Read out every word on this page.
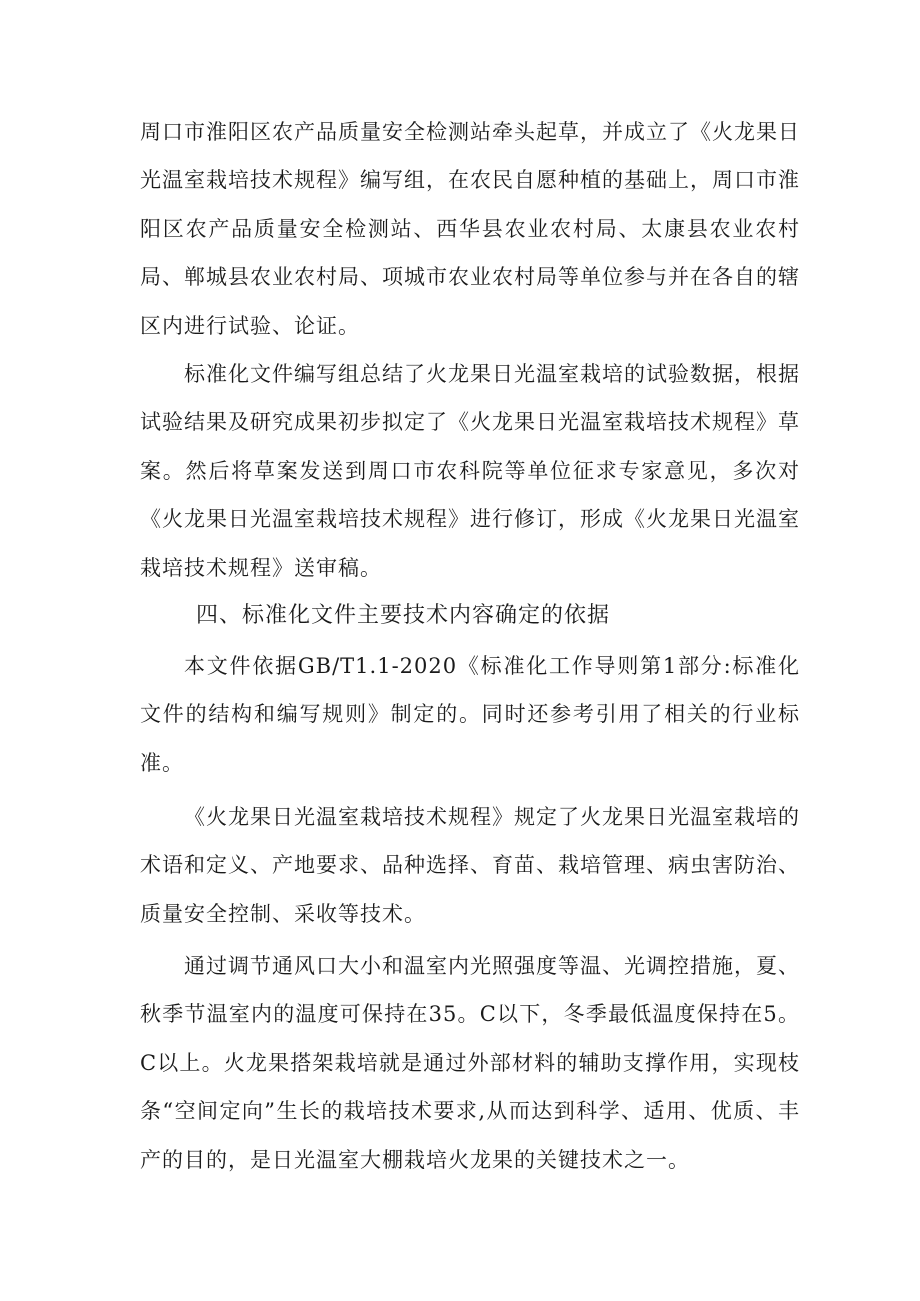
周口市淮阳区农产品质量安全检测站牵头起草，并成立了《火龙果日光温室栽培技术规程》编写组，在农民自愿种植的基础上，周口市淮阳区农产品质量安全检测站、西华县农业农村局、太康县农业农村局、郸城县农业农村局、项城市农业农村局等单位参与并在各自的辖区内进行试验、论证。

标准化文件编写组总结了火龙果日光温室栽培的试验数据，根据试验结果及研究成果初步拟定了《火龙果日光温室栽培技术规程》草案。然后将草案发送到周口市农科院等单位征求专家意见，多次对《火龙果日光温室栽培技术规程》进行修订，形成《火龙果日光温室栽培技术规程》送审稿。

四、标准化文件主要技术内容确定的依据

本文件依据GB/T1.1-2020《标准化工作导则第1部分:标准化文件的结构和编写规则》制定的。同时还参考引用了相关的行业标准。

《火龙果日光温室栽培技术规程》规定了火龙果日光温室栽培的术语和定义、产地要求、品种选择、育苗、栽培管理、病虫害防治、质量安全控制、采收等技术。

通过调节通风口大小和温室内光照强度等温、光调控措施，夏、秋季节温室内的温度可保持在35。C以下，冬季最低温度保持在5。C以上。火龙果搭架栽培就是通过外部材料的辅助支撑作用，实现枝条“空间定向”生长的栽培技术要求,从而达到科学、适用、优质、丰产的目的，是日光温室大棚栽培火龙果的关键技术之一。
